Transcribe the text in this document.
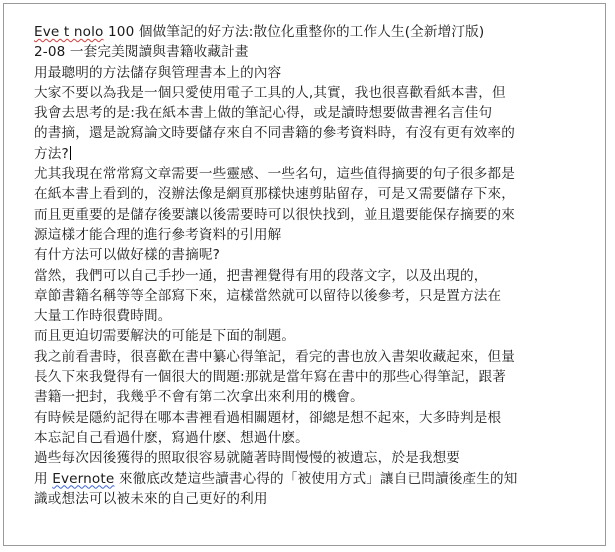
Eve t nolo 100 個做筆記的好方法:散位化重整你的工作人生(全新增汀版)
2-08 一套完美閱讀與書籍收藏計畫
用最聰明的方法儲存與管理書本上的內容
大家不要以為我是一個只愛使用電子工具的人,其實，我也很喜歡看紙本書，但
我會去思考的是:我在紙本書上做的筆記心得，或是讀時想要做書裡名言佳句
的書摘，還是說寫論文時要儲存來自不同書籍的參考資料時，有沒有更有效率的
方法?
尤其我現在常常寫文章需要一些靈感、一些名句，這些值得摘要的句子很多都是
在紙本書上看到的，沒辦法像是網頁那樣快速剪貼留存，可是又需要儲存下來，
而且更重要的是儲存後要讓以後需要時可以很快找到，並且還要能保存摘要的來
源這樣才能合理的進行參考資料的引用解
有什方法可以做好樣的書摘呢?
當然，我們可以自己手抄一通，把書裡覺得有用的段落文字，以及出現的，
章節書籍名稱等等全部寫下來，這樣當然就可以留待以後參考，只是置方法在
大量工作時很費時間。
而且更迫切需要解決的可能是下面的制題。
我之前看書時，很喜歡在書中纂心得筆記，看完的書也放入書架收藏起來，但量
長久下來我覺得有一個很大的間題:那就是當年寫在書中的那些心得筆記，跟著
書籍一把封，我幾乎不會有第二次拿出來利用的機會。
有時候是隱約記得在哪本書裡看過相關題材，卻總是想不起來，大多時判是根
本忘記自己看過什麽，寫過什麽、想過什麽。
過些每次因後獲得的照取很容易就隨著時間慢慢的被遺忘，於是我想要
用 Evernote 來徹底改楚這些讀書心得的「被使用方式」讓自已問讀後產生的知
識或想法可以被未來的自己更好的利用
